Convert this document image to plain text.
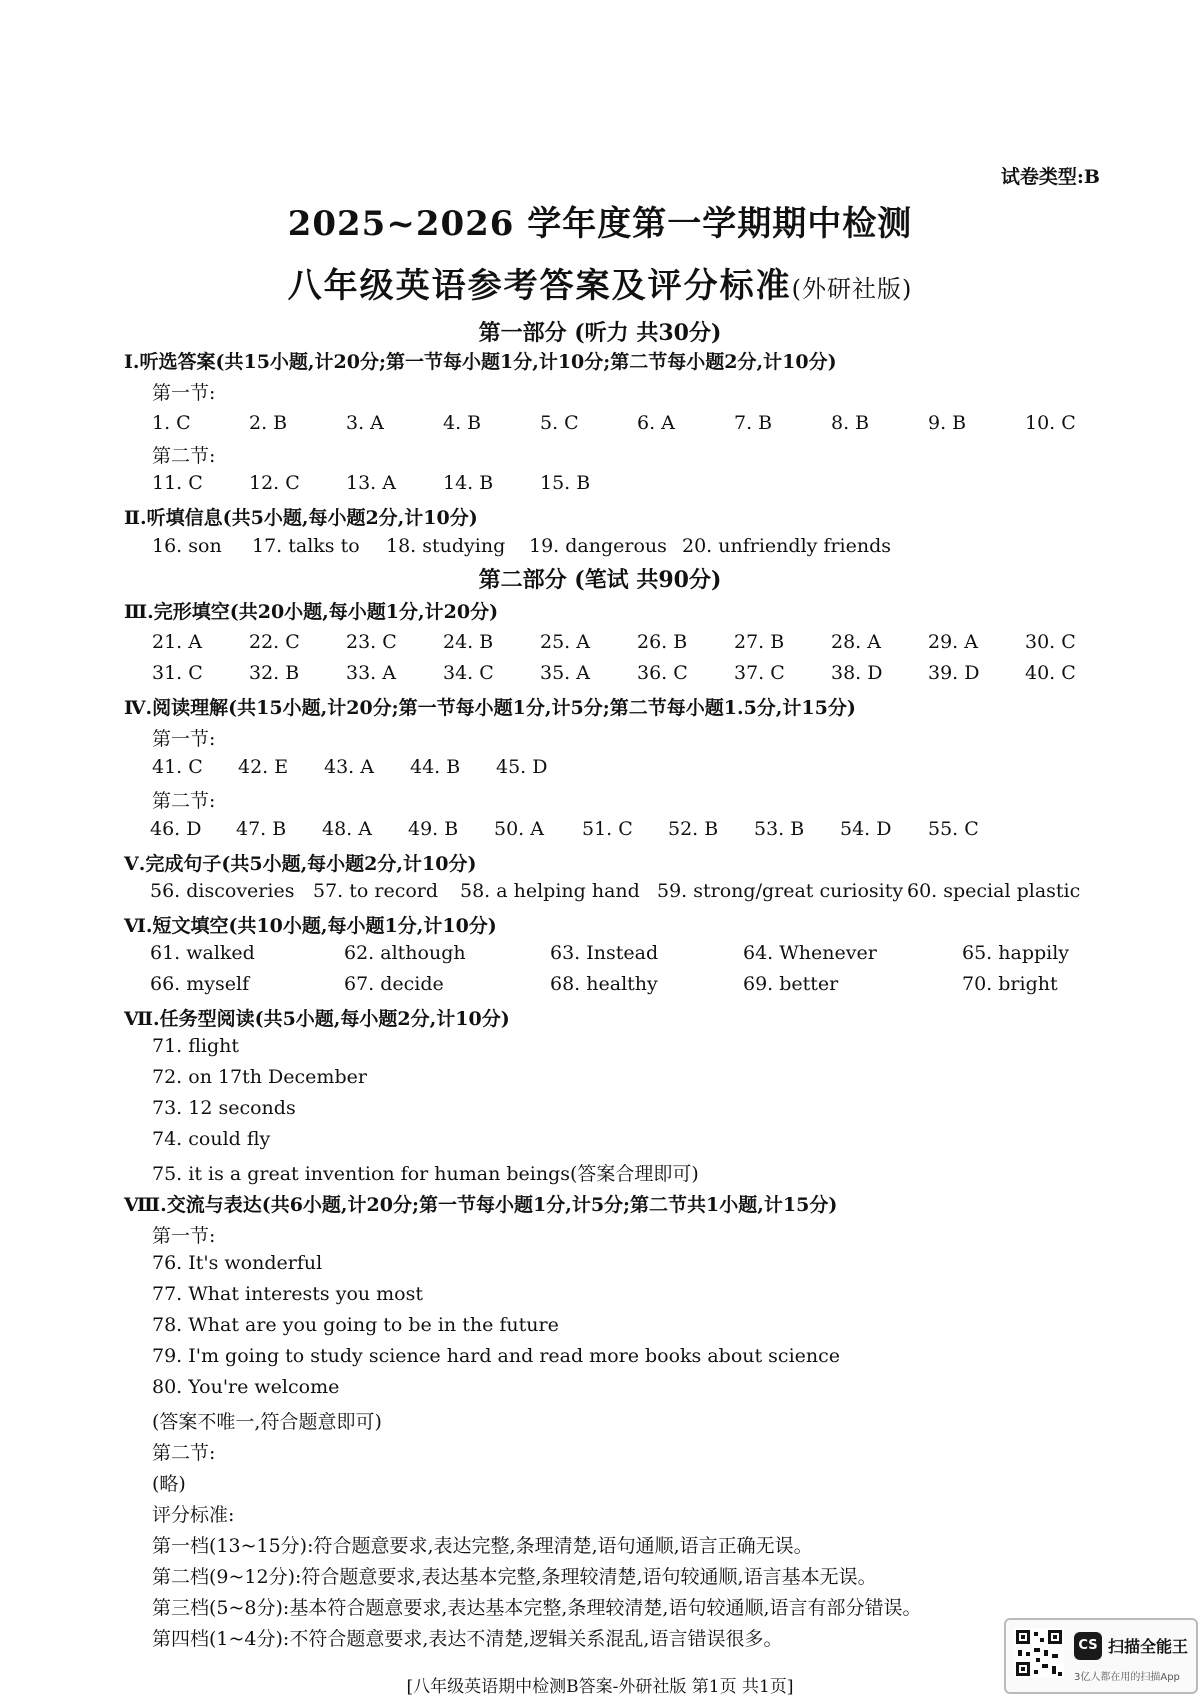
试卷类型:B
2025~2026 学年度第一学期期中检测
八年级英语参考答案及评分标准(外研社版)
第一部分 (听力 共30分)
Ⅰ.听选答案(共15小题,计20分;第一节每小题1分,计10分;第二节每小题2分,计10分)
第一节:
1. C	2. B	3. A	4. B	5. C	6. A	7. B	8. B	9. B	10. C
第二节:
11. C 12. C 13. A 14. B 15. B
Ⅱ.听填信息(共5小题,每小题2分,计10分)
16. son 17. talks to 18. studying 19. dangerous 20. unfriendly friends
第二部分 (笔试 共90分)
Ⅲ.完形填空(共20小题,每小题1分,计20分)
21. A 22. C 23. C 24. B 25. A 26. B 27. B 28. A 29. A 30. C
31. C 32. B 33. A 34. C 35. A 36. C 37. C 38. D 39. D 40. C
Ⅳ.阅读理解(共15小题,计20分;第一节每小题1分,计5分;第二节每小题1.5分,计15分)
第一节:
41. C 42. E 43. A 44. B 45. D
第二节:
46. D 47. B 48. A 49. B 50. A 51. C 52. B 53. B 54. D 55. C
Ⅴ.完成句子(共5小题,每小题2分,计10分)
56. discoveries 57. to record 58. a helping hand 59. strong/great curiosity 60. special plastic
Ⅵ.短文填空(共10小题,每小题1分,计10分)
61. walked	62. although	63. Instead	64. Whenever	65. happily
66. myself	67. decide	68. healthy	69. better	70. bright
Ⅶ.任务型阅读(共5小题,每小题2分,计10分)
71. flight
72. on 17th December
73. 12 seconds
74. could fly
75. it is a great invention for human beings(答案合理即可)
Ⅷ.交流与表达(共6小题,计20分;第一节每小题1分,计5分;第二节共1小题,计15分)
第一节:
76. It's wonderful
77. What interests you most
78. What are you going to be in the future
79. I'm going to study science hard and read more books about science
80. You're welcome
(答案不唯一,符合题意即可)
第二节:
(略)
评分标准:
第一档(13~15分):符合题意要求,表达完整,条理清楚,语句通顺,语言正确无误。
第二档(9~12分):符合题意要求,表达基本完整,条理较清楚,语句较通顺,语言基本无误。
第三档(5~8分):基本符合题意要求,表达基本完整,条理较清楚,语句较通顺,语言有部分错误。
第四档(1~4分):不符合题意要求,表达不清楚,逻辑关系混乱,语言错误很多。
[八年级英语期中检测B答案-外研社版 第1页 共1页]
CS 扫描全能王
3亿人都在用的扫描App
